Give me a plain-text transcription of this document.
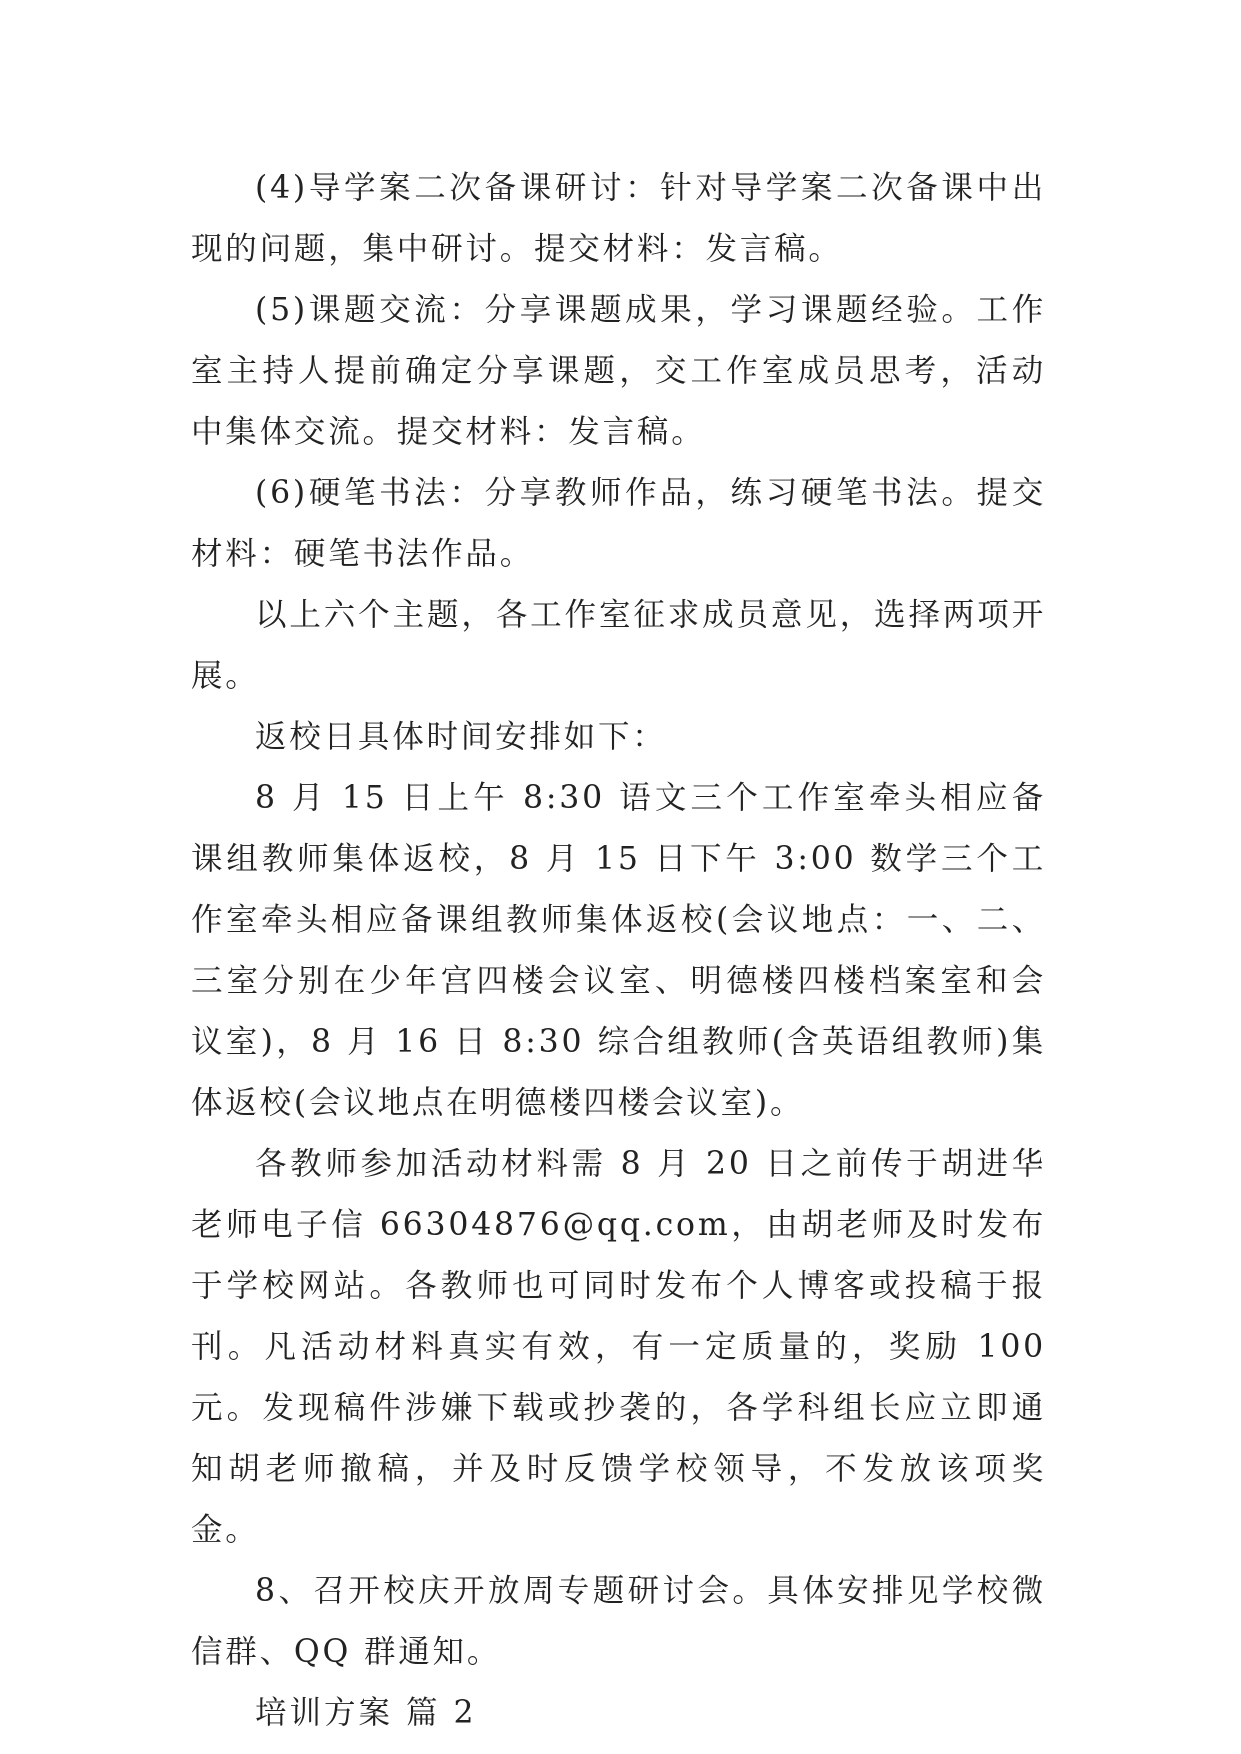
(4)导学案二次备课研讨：针对导学案二次备课中出现的问题，集中研讨。提交材料：发言稿。

(5)课题交流：分享课题成果，学习课题经验。工作室主持人提前确定分享课题，交工作室成员思考，活动中集体交流。提交材料：发言稿。

(6)硬笔书法：分享教师作品，练习硬笔书法。提交材料：硬笔书法作品。

以上六个主题，各工作室征求成员意见，选择两项开展。

返校日具体时间安排如下：

8 月 15 日上午 8:30 语文三个工作室牵头相应备课组教师集体返校，8 月 15 日下午 3:00 数学三个工作室牵头相应备课组教师集体返校(会议地点：一、二、三室分别在少年宫四楼会议室、明德楼四楼档案室和会议室)，8 月 16 日 8:30 综合组教师(含英语组教师)集体返校(会议地点在明德楼四楼会议室)。

各教师参加活动材料需 8 月 20 日之前传于胡进华老师电子信 66304876@qq.com，由胡老师及时发布于学校网站。各教师也可同时发布个人博客或投稿于报刊。凡活动材料真实有效，有一定质量的，奖励 100 元。发现稿件涉嫌下载或抄袭的，各学科组长应立即通知胡老师撤稿，并及时反馈学校领导，不发放该项奖金。

8、召开校庆开放周专题研讨会。具体安排见学校微信群、QQ 群通知。

培训方案 篇 2
